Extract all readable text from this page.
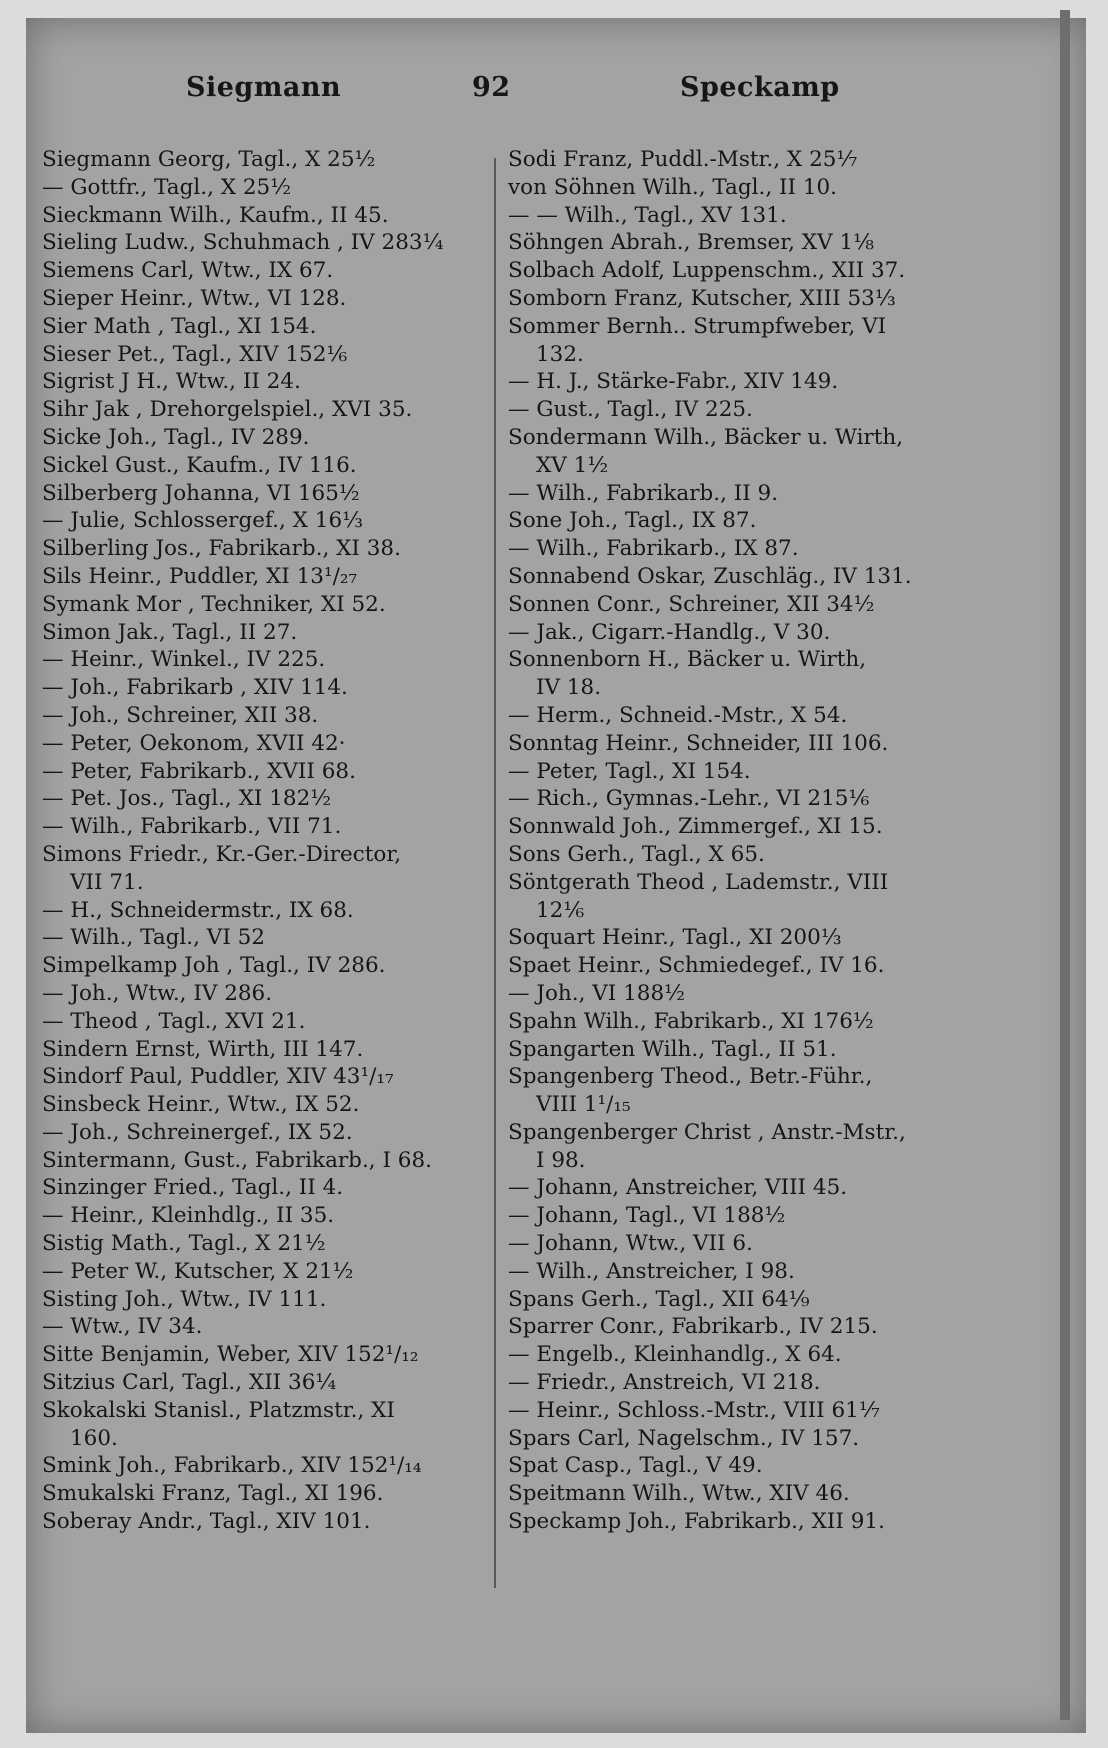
Siegmann	92	Speckamp
Siegmann Georg, Tagl., X 25½
— Gottfr., Tagl., X 25½
Sieckmann Wilh., Kaufm., II 45.
Sieling Ludw., Schuhmach , IV 283¼
Siemens Carl, Wtw., IX 67.
Sieper Heinr., Wtw., VI 128.
Sier Math , Tagl., XI 154.
Sieser Pet., Tagl., XIV 152⅙
Sigrist J H., Wtw., II 24.
Sihr Jak , Drehorgelspiel., XVI 35.
Sicke Joh., Tagl., IV 289.
Sickel Gust., Kaufm., IV 116.
Silberberg Johanna, VI 165½
— Julie, Schlossergef., X 16⅓
Silberling Jos., Fabrikarb., XI 38.
Sils Heinr., Puddler, XI 13¹/₂₇
Symank Mor , Techniker, XI 52.
Simon Jak., Tagl., II 27.
— Heinr., Winkel., IV 225.
— Joh., Fabrikarb , XIV 114.
— Joh., Schreiner, XII 38.
— Peter, Oekonom, XVII 42·
— Peter, Fabrikarb., XVII 68.
— Pet. Jos., Tagl., XI 182½
— Wilh., Fabrikarb., VII 71.
Simons Friedr., Kr.-Ger.-Director,
VII 71.
— H., Schneidermstr., IX 68.
— Wilh., Tagl., VI 52
Simpelkamp Joh , Tagl., IV 286.
— Joh., Wtw., IV 286.
— Theod , Tagl., XVI 21.
Sindern Ernst, Wirth, III 147.
Sindorf Paul, Puddler, XIV 43¹/₁₇
Sinsbeck Heinr., Wtw., IX 52.
— Joh., Schreinergef., IX 52.
Sintermann, Gust., Fabrikarb., I 68.
Sinzinger Fried., Tagl., II 4.
— Heinr., Kleinhdlg., II 35.
Sistig Math., Tagl., X 21½
— Peter W., Kutscher, X 21½
Sisting Joh., Wtw., IV 111.
— Wtw., IV 34.
Sitte Benjamin, Weber, XIV 152¹/₁₂
Sitzius Carl, Tagl., XII 36¼
Skokalski Stanisl., Platzmstr., XI
160.
Smink Joh., Fabrikarb., XIV 152¹/₁₄
Smukalski Franz, Tagl., XI 196.
Soberay Andr., Tagl., XIV 101.
Sodi Franz, Puddl.-Mstr., X 25⅐
von Söhnen Wilh., Tagl., II 10.
— — Wilh., Tagl., XV 131.
Söhngen Abrah., Bremser, XV 1⅛
Solbach Adolf, Luppenschm., XII 37.
Somborn Franz, Kutscher, XIII 53⅓
Sommer Bernh.. Strumpfweber, VI
132.
— H. J., Stärke-Fabr., XIV 149.
— Gust., Tagl., IV 225.
Sondermann Wilh., Bäcker u. Wirth,
XV 1½
— Wilh., Fabrikarb., II 9.
Sone Joh., Tagl., IX 87.
— Wilh., Fabrikarb., IX 87.
Sonnabend Oskar, Zuschläg., IV 131.
Sonnen Conr., Schreiner, XII 34½
— Jak., Cigarr.-Handlg., V 30.
Sonnenborn H., Bäcker u. Wirth,
IV 18.
— Herm., Schneid.-Mstr., X 54.
Sonntag Heinr., Schneider, III 106.
— Peter, Tagl., XI 154.
— Rich., Gymnas.-Lehr., VI 215⅙
Sonnwald Joh., Zimmergef., XI 15.
Sons Gerh., Tagl., X 65.
Söntgerath Theod , Lademstr., VIII
12⅙
Soquart Heinr., Tagl., XI 200⅓
Spaet Heinr., Schmiedegef., IV 16.
— Joh., VI 188½
Spahn Wilh., Fabrikarb., XI 176½
Spangarten Wilh., Tagl., II 51.
Spangenberg Theod., Betr.-Führ.,
VIII 1¹/₁₅
Spangenberger Christ , Anstr.-Mstr.,
I 98.
— Johann, Anstreicher, VIII 45.
— Johann, Tagl., VI 188½
— Johann, Wtw., VII 6.
— Wilh., Anstreicher, I 98.
Spans Gerh., Tagl., XII 64⅑
Sparrer Conr., Fabrikarb., IV 215.
— Engelb., Kleinhandlg., X 64.
— Friedr., Anstreich, VI 218.
— Heinr., Schloss.-Mstr., VIII 61⅐
Spars Carl, Nagelschm., IV 157.
Spat Casp., Tagl., V 49.
Speitmann Wilh., Wtw., XIV 46.
Speckamp Joh., Fabrikarb., XII 91.
